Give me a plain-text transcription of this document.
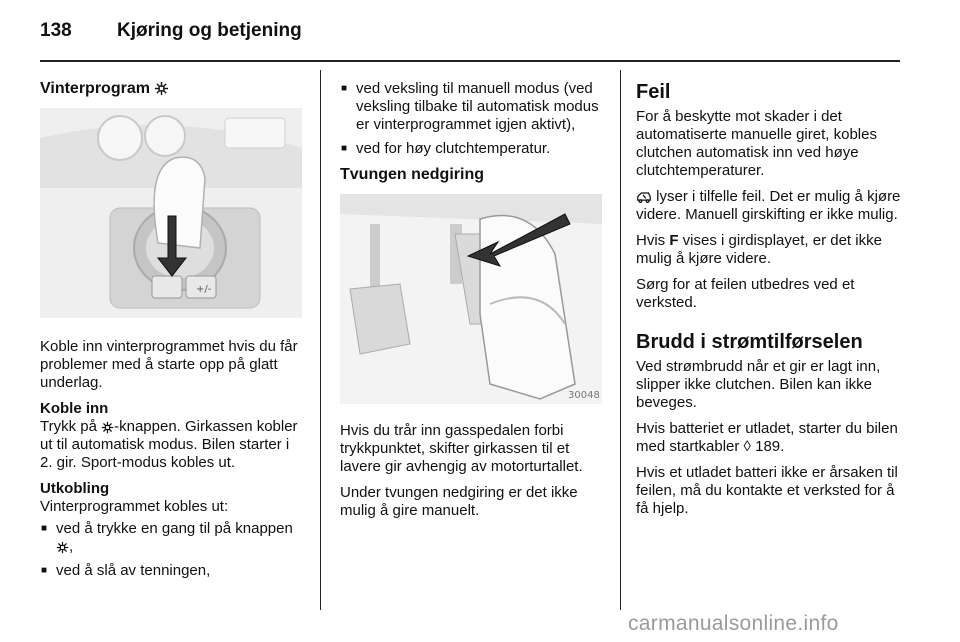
138 Kjøring og betjening
Vinterprogram
+/-

Koble inn vinterprogrammet hvis du får problemer med å starte opp på glatt underlag.

Koble inn

Trykk på -knappen. Girkassen kobler ut til automatisk modus. Bilen starter i 2. gir. Sport-modus kobles ut.

Utkobling
Vinterprogrammet kobles ut:
■ ved å trykke en gang til på knappen ,
■ ved å slå av tenningen,
■ ved veksling til manuell modus (ved veksling tilbake til automatisk modus er vinterprogrammet igjen aktivt),
■ ved for høy clutchtemperatur.
Tvungen nedgiring
30048

Hvis du trår inn gasspedalen forbi trykkpunktet, skifter girkassen til et lavere gir avhengig av motorturtallet.

Under tvungen nedgiring er det ikke mulig å gire manuelt.

Feil

For å beskytte mot skader i det automatiserte manuelle giret, kobles clutchen automatisk inn ved høye clutchtemperaturer.

lyser i tilfelle feil. Det er mulig å kjøre videre. Manuell girskifting er ikke mulig.

Hvis F vises i girdisplayet, er det ikke mulig å kjøre videre.

Sørg for at feilen utbedres ved et verksted.

Brudd i strømtilførselen

Ved strømbrudd når et gir er lagt inn, slipper ikke clutchen. Bilen kan ikke beveges.

Hvis batteriet er utladet, starter du bilen med startkabler ◊ 189.

Hvis et utladet batteri ikke er årsaken til feilen, må du kontakte et verksted for å få hjelp.

carmanualsonline.info
